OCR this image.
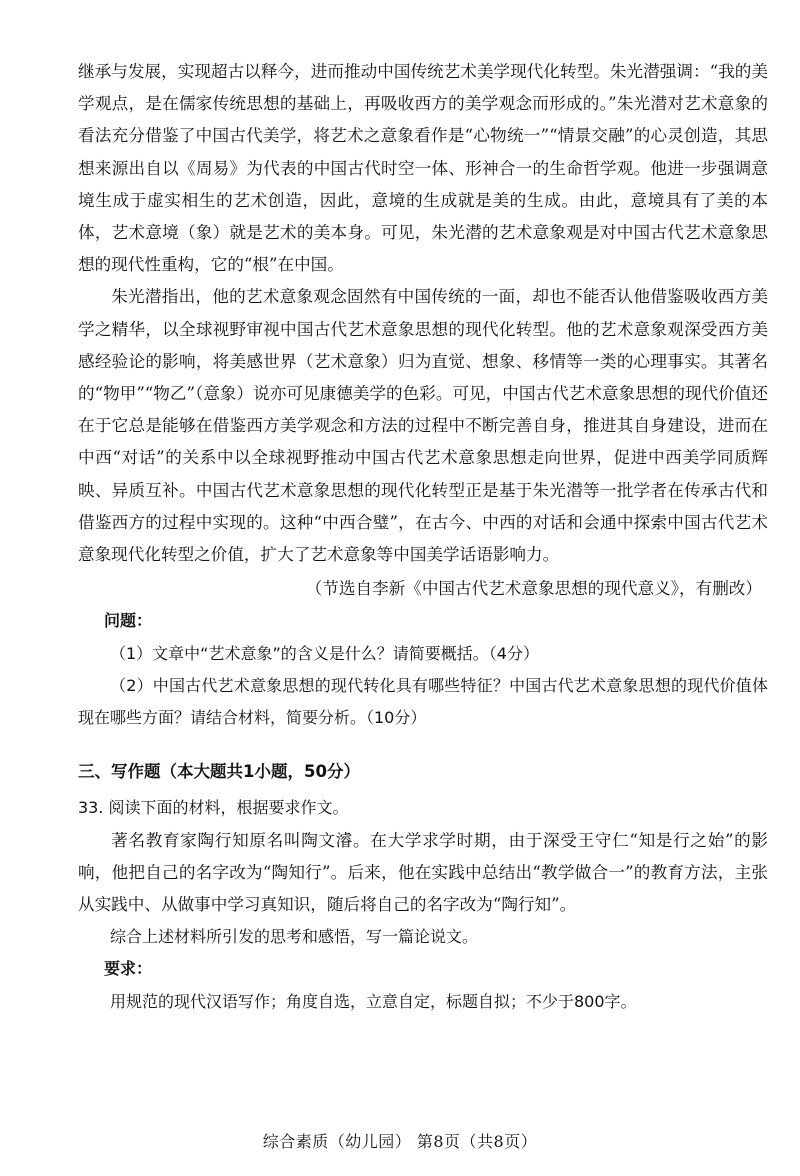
继承与发展，实现超古以释今，进而推动中国传统艺术美学现代化转型。朱光潜强调：“我的美学观点，是在儒家传统思想的基础上，再吸收西方的美学观念而形成的。”朱光潜对艺术意象的看法充分借鉴了中国古代美学，将艺术之意象看作是“心物统一”“情景交融”的心灵创造，其思想来源出自以《周易》为代表的中国古代时空一体、形神合一的生命哲学观。他进一步强调意境生成于虚实相生的艺术创造，因此，意境的生成就是美的生成。由此，意境具有了美的本体，艺术意境（象）就是艺术的美本身。可见，朱光潜的艺术意象观是对中国古代艺术意象思想的现代性重构，它的“根”在中国。

朱光潜指出，他的艺术意象观念固然有中国传统的一面，却也不能否认他借鉴吸收西方美学之精华，以全球视野审视中国古代艺术意象思想的现代化转型。他的艺术意象观深受西方美感经验论的影响，将美感世界（艺术意象）归为直觉、想象、移情等一类的心理事实。其著名的“物甲”“物乙”（意象）说亦可见康德美学的色彩。可见，中国古代艺术意象思想的现代价值还在于它总是能够在借鉴西方美学观念和方法的过程中不断完善自身，推进其自身建设，进而在中西“对话”的关系中以全球视野推动中国古代艺术意象思想走向世界，促进中西美学同质辉映、异质互补。中国古代艺术意象思想的现代化转型正是基于朱光潜等一批学者在传承古代和借鉴西方的过程中实现的。这种“中西合璧”，在古今、中西的对话和会通中探索中国古代艺术意象现代化转型之价值，扩大了艺术意象等中国美学话语影响力。

（节选自李新《中国古代艺术意象思想的现代意义》，有删改）

问题：

（1）文章中“艺术意象”的含义是什么？请简要概括。（4分）

（2）中国古代艺术意象思想的现代转化具有哪些特征？中国古代艺术意象思想的现代价值体现在哪些方面？请结合材料，简要分析。（10分）

三、写作题（本大题共1小题，50分）

33. 阅读下面的材料，根据要求作文。

著名教育家陶行知原名叫陶文濬。在大学求学时期，由于深受王守仁“知是行之始”的影响，他把自己的名字改为“陶知行”。后来，他在实践中总结出“教学做合一”的教育方法，主张从实践中、从做事中学习真知识，随后将自己的名字改为“陶行知”。

综合上述材料所引发的思考和感悟，写一篇论说文。

要求：

用规范的现代汉语写作；角度自选，立意自定，标题自拟；不少于800字。

综合素质（幼儿园） 第8页（共8页）
